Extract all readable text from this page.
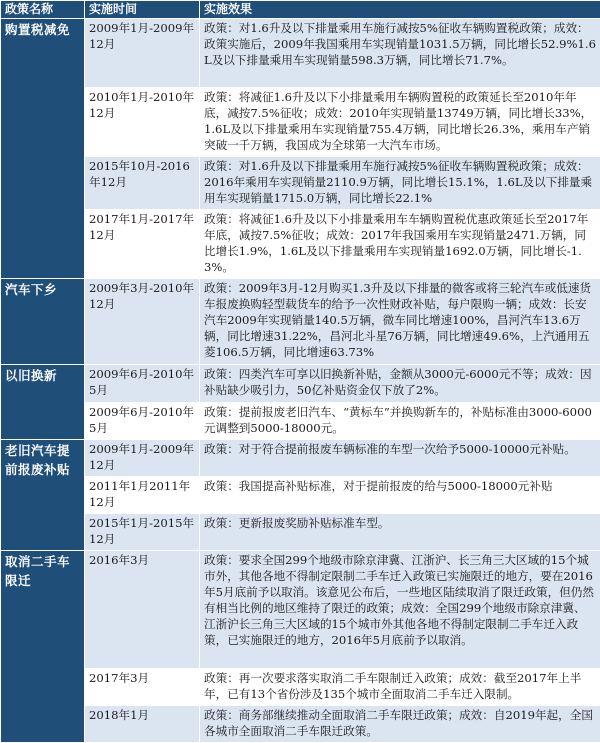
政策名称	实施时间	实施效果
购置税减免	2009年1月-2009年12月	政策：对1.6升及以下排量乘用车施行减按5%征收车辆购置税政策；成效：政策实施后，2009年我国乘用车实现销量1031.5万辆，同比增长52.9%1.6L及以下排量乘用车实现销量598.3万辆，同比增长71.7%。
	2010年1月-2010年12月	政策：将减征1.6升及以下小排量乘用车辆购置税的政策延长至2010年年底，减按7.5%征收；成效：2010年实现销量13749万辆，同比增长33%，1.6L及以下排量乘用车实现销量755.4万辆，同比增长26.3%，乘用车产销突破一千万辆，我国成为全球第一大汽车市场。
	2015年10月-2016年12月	政策：对1.6升及以下排量乘用车施行减按5%征收车辆购置税政策；成效：2016年乘用车实现销量2110.9万辆，同比增长15.1%，1.6L及以下排量乘用车实现销量1715.0万辆，同比增长22.1%
	2017年1月-2017年12月	政策：将减征1.6升及以下小排量乘用车车辆购置税优惠政策延长至2017年年底，减按7.5%征收；成效：2017年我国乘用车实现销量2471.万辆，同比增长1.9%，1.6L及以下排量乘用车实现销量1692.0万辆，同比增长-1.3%。
汽车下乡	2009年3月-2010年12月	政策：2009年3月-12月购买1.3升及以下排量的微客或将三轮汽车或低速货车报废换购轻型载货车的给予一次性财政补贴，每户限购一辆；成效：长安汽车2009年实现销量140.5万辆，微车同比增速100%，昌河汽车13.6万辆，同比增速31.22%，昌河北斗星76万辆，同比增速49.6%，上汽通用五菱106.5万辆，同比增速63.73%
以旧换新	2009年6月-2010年5月	政策：四类汽车可享以旧换新补贴，金额从3000元-6000元不等；成效：因补贴缺少吸引力，50亿补贴资金仅下放了2%。
	2009年6月-2010年5月	政策：提前报废老旧汽车、“黄标车”并换购新车的，补贴标准由3000-6000元调整到5000-18000元。
老旧汽车提前报废补贴	2009年1月-2009年12月	政策：对于符合提前报废车辆标准的车型一次给予5000-10000元补贴。
	2011年1月2011年12月	政策：我国提高补贴标准，对于提前报废的给与5000-18000元补贴
	2015年1月-2015年12月	政策：更新报废奖励补贴标准车型。
取消二手车限迁	2016年3月	政策：要求全国299个地级市除京津冀、江浙沪、长三角三大区域的15个城市外，其他各地不得制定限制二手车迁入政策已实施限迁的地方，要在2016年5月底前予以取消。该意见公布后，一些地区陆续取消了限迁政策，但仍然有相当比例的地区维持了限迁的政策；成效：全国299个地级市除京津冀、江浙沪长三角三大区域的15个城市外其他各地不得制定限制二手车迁入政策，已实施限迁的地方，2016年5月底前予以取消。
	2017年3月	政策：再一次要求落实取消二手车限制迁入政策；成效：截至2017年上半年，已有13个省份涉及135个城市全面取消二手车迁入限制。
	2018年1月	政策：商务部继续推动全面取消二手车限迁政策；成效：自2019年起，全国各城市全面取消二手车限迁政策。
